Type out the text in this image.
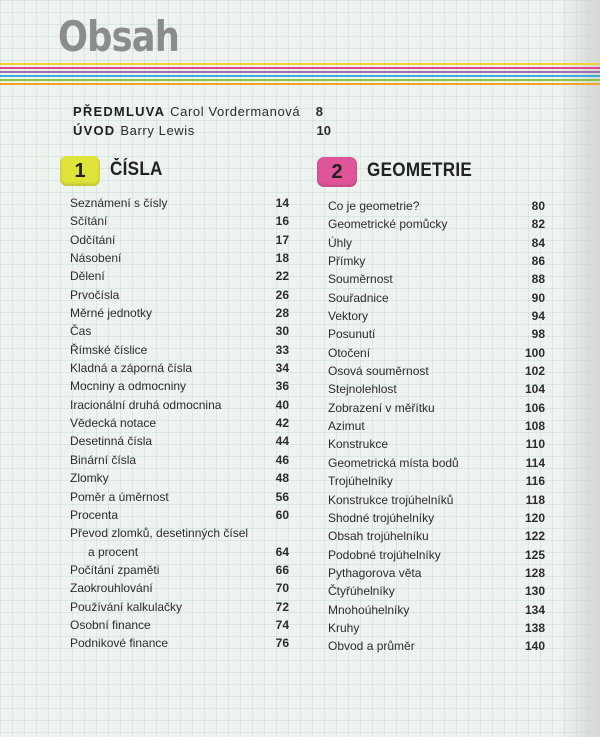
Obsah
PŘEDMLUVA Carol Vordermanová 8
ÚVOD Barry Lewis	10
1	ČÍSLA	2	GEOMETRIE
Seznámení s čísly	14
Sčítání	16
Odčítání	17
Násobení	18
Dělení	22
Prvočísla	26
Měrné jednotky	28
Čas	30
Římské číslice	33
Kladná a záporná čísla	34
Mocniny a odmocniny	36
Iracionální druhá odmocnina	40
Vědecká notace	42
Desetinná čísla	44
Binární čísla	46
Zlomky	48
Poměr a úměrnost	56
Procenta	60
Převod zlomků, desetinných čísel
a procent	64
Počítání zpaměti	66
Zaokrouhlování	70
Používání kalkulačky	72
Osobní finance	74
Podnikové finance	76
Co je geometrie?	80
Geometrické pomůcky	82
Úhly	84
Přímky	86
Souměrnost	88
Souřadnice	90
Vektory	94
Posunutí	98
Otočení	100
Osová souměrnost	102
Stejnolehlost	104
Zobrazení v měřítku	106
Azimut	108
Konstrukce	110
Geometrická místa bodů	114
Trojúhelníky	116
Konstrukce trojúhelníků	118
Shodné trojúhelníky	120
Obsah trojúhelníku	122
Podobné trojúhelníky	125
Pythagorova věta	128
Čtyřúhelníky	130
Mnohoúhelníky	134
Kruhy	138
Obvod a průměr	140
